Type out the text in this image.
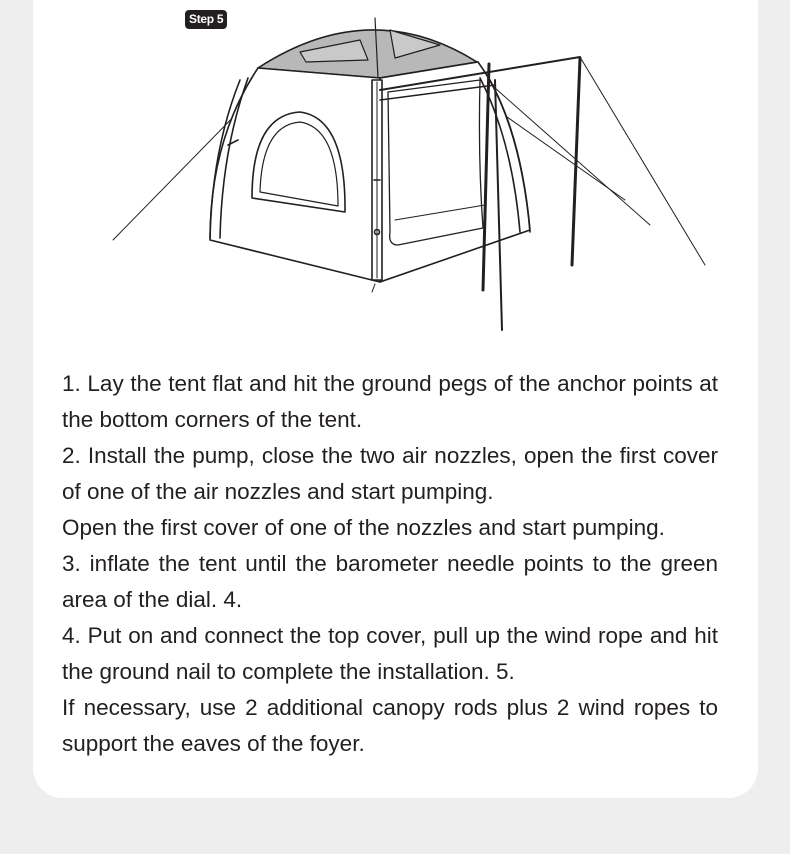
Step 5

1. Lay the tent flat and hit the ground pegs of the anchor points at the bottom corners of the tent.

2. Install the pump, close the two air nozzles, open the first cover of one of the air nozzles and start pumping.

Open the first cover of one of the nozzles and start pumping.

3. inflate the tent until the barometer needle points to the green area of the dial. 4.

4. Put on and connect the top cover, pull up the wind rope and hit the ground nail to complete the installation. 5.

If necessary, use 2 additional canopy rods plus 2 wind ropes to support the eaves of the foyer.
